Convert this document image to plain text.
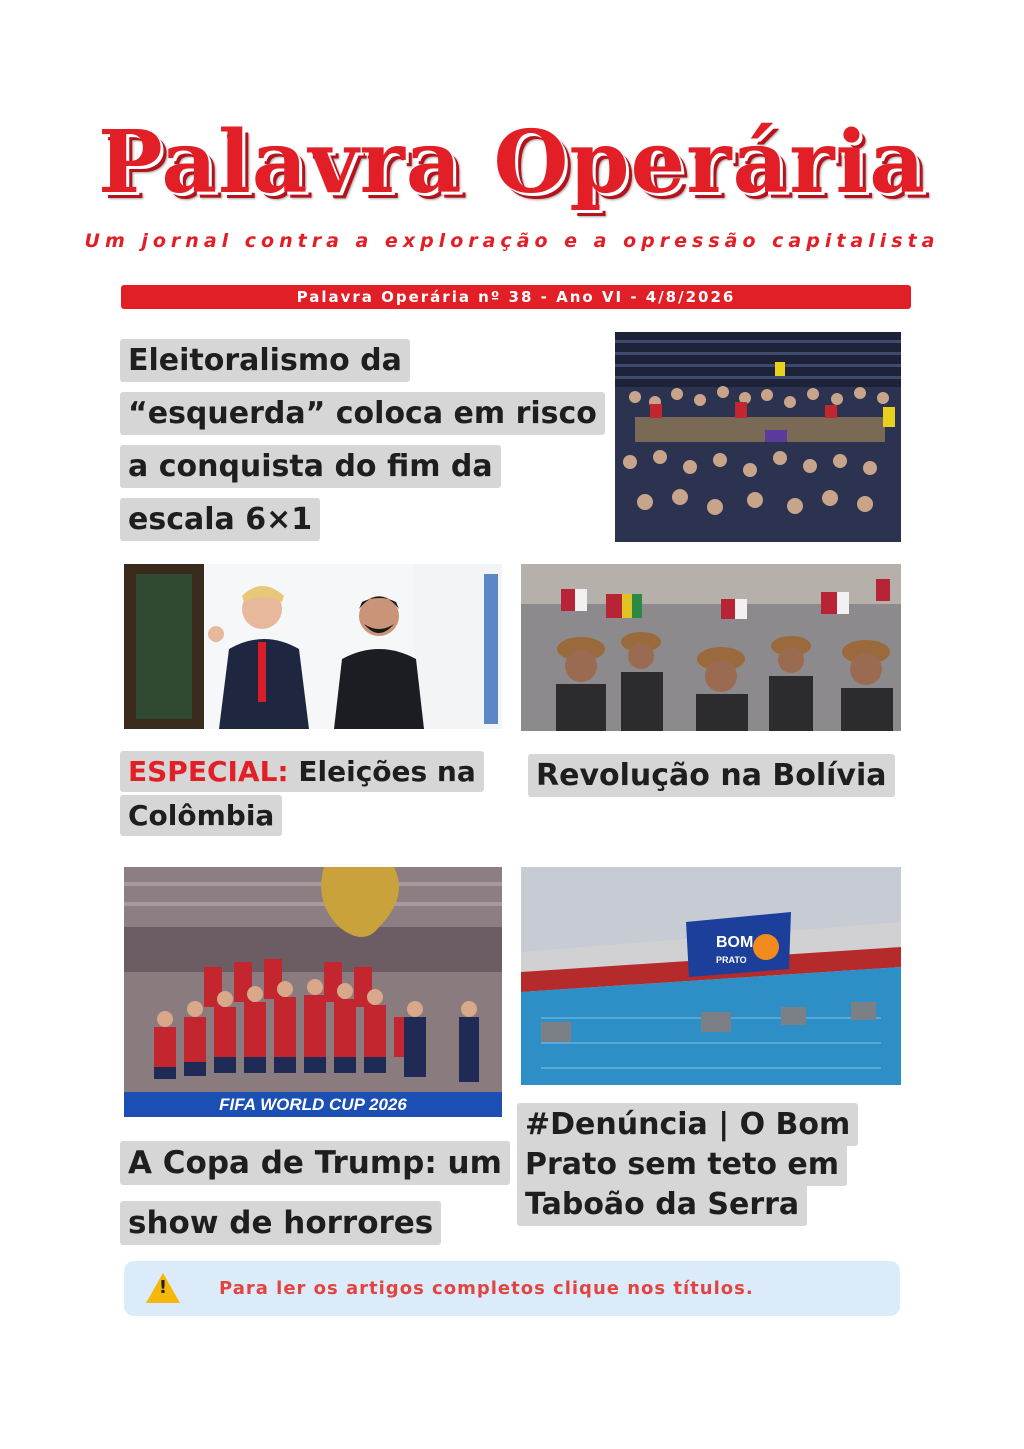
Palavra Operária
Um jornal contra a exploração e a opressão capitalista
Palavra Operária nº 38 - Ano VI - 4/8/2026
Eleitoralismo da
“esquerda” coloca em risco
a conquista do fim da
escala 6×1
ESPECIAL: Eleições na
Colômbia
Revolução na Bolívia
FIFA WORLD CUP 2026
BOM
PRATO
A Copa de Trump: um
show de horrores
#Denúncia | O Bom
Prato sem teto em
Taboão da Serra
!	Para ler os artigos completos clique nos títulos.
